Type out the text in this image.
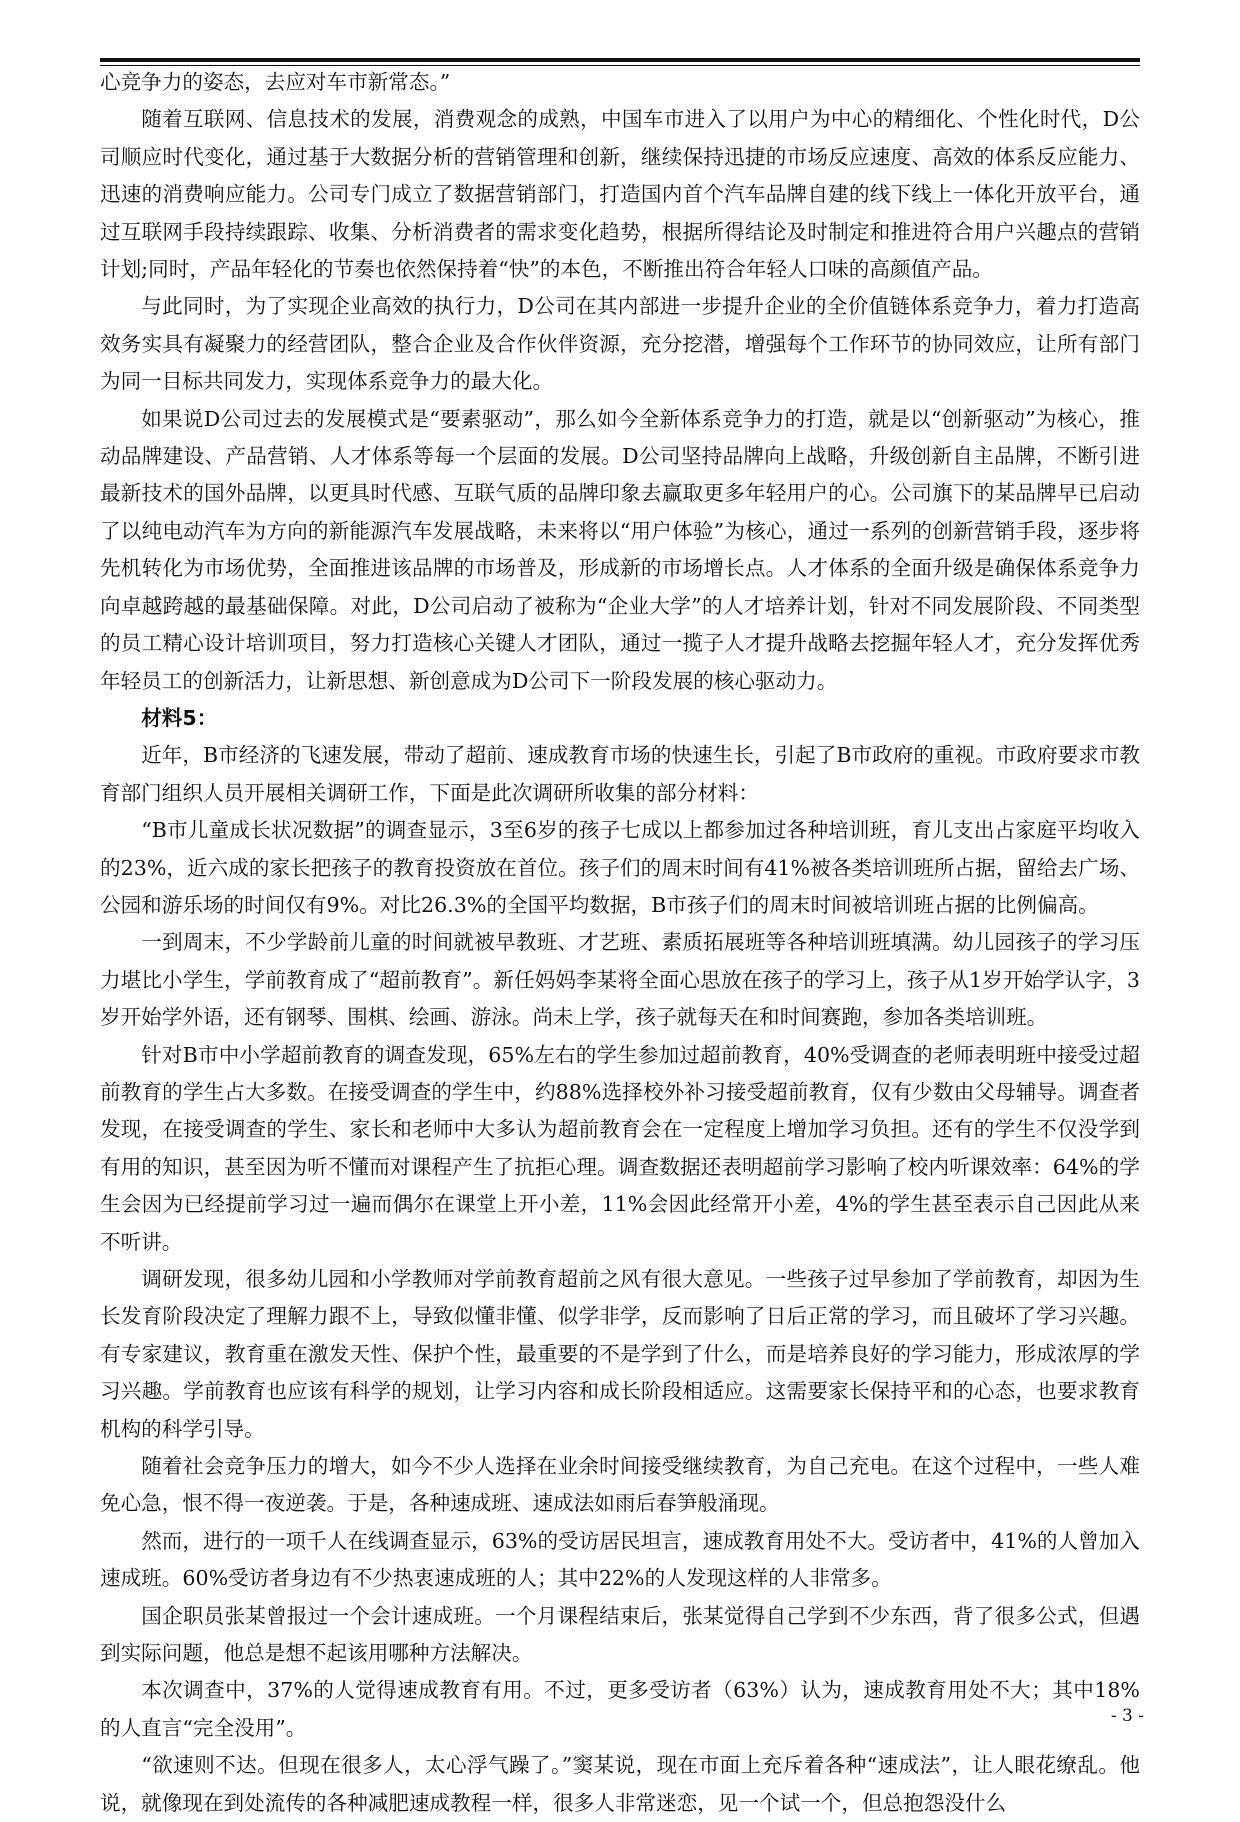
心竞争力的姿态，去应对车市新常态。”

随着互联网、信息技术的发展，消费观念的成熟，中国车市进入了以用户为中心的精细化、个性化时代，D公司顺应时代变化，通过基于大数据分析的营销管理和创新，继续保持迅捷的市场反应速度、高效的体系反应能力、迅速的消费响应能力。公司专门成立了数据营销部门，打造国内首个汽车品牌自建的线下线上一体化开放平台，通过互联网手段持续跟踪、收集、分析消费者的需求变化趋势，根据所得结论及时制定和推进符合用户兴趣点的营销计划;同时，产品年轻化的节奏也依然保持着“快”的本色，不断推出符合年轻人口味的高颜值产品。

与此同时，为了实现企业高效的执行力，D公司在其内部进一步提升企业的全价值链体系竞争力，着力打造高效务实具有凝聚力的经营团队，整合企业及合作伙伴资源，充分挖潜，增强每个工作环节的协同效应，让所有部门为同一目标共同发力，实现体系竞争力的最大化。

如果说D公司过去的发展模式是“要素驱动”，那么如今全新体系竞争力的打造，就是以“创新驱动”为核心，推动品牌建设、产品营销、人才体系等每一个层面的发展。D公司坚持品牌向上战略，升级创新自主品牌，不断引进最新技术的国外品牌，以更具时代感、互联气质的品牌印象去赢取更多年轻用户的心。公司旗下的某品牌早已启动了以纯电动汽车为方向的新能源汽车发展战略，未来将以“用户体验”为核心，通过一系列的创新营销手段，逐步将先机转化为市场优势，全面推进该品牌的市场普及，形成新的市场增长点。人才体系的全面升级是确保体系竞争力向卓越跨越的最基础保障。对此，D公司启动了被称为“企业大学”的人才培养计划，针对不同发展阶段、不同类型的员工精心设计培训项目，努力打造核心关键人才团队，通过一揽子人才提升战略去挖掘年轻人才，充分发挥优秀年轻员工的创新活力，让新思想、新创意成为D公司下一阶段发展的核心驱动力。

材料5：

近年，B市经济的飞速发展，带动了超前、速成教育市场的快速生长，引起了B市政府的重视。市政府要求市教育部门组织人员开展相关调研工作，下面是此次调研所收集的部分材料：

“B市儿童成长状况数据”的调查显示，3至6岁的孩子七成以上都参加过各种培训班，育儿支出占家庭平均收入的23%，近六成的家长把孩子的教育投资放在首位。孩子们的周末时间有41%被各类培训班所占据，留给去广场、公园和游乐场的时间仅有9%。对比26.3%的全国平均数据，B市孩子们的周末时间被培训班占据的比例偏高。

一到周末，不少学龄前儿童的时间就被早教班、才艺班、素质拓展班等各种培训班填满。幼儿园孩子的学习压力堪比小学生，学前教育成了“超前教育”。新任妈妈李某将全面心思放在孩子的学习上，孩子从1岁开始学认字，3岁开始学外语，还有钢琴、围棋、绘画、游泳。尚未上学，孩子就每天在和时间赛跑，参加各类培训班。

针对B市中小学超前教育的调查发现，65%左右的学生参加过超前教育，40%受调查的老师表明班中接受过超前教育的学生占大多数。在接受调查的学生中，约88%选择校外补习接受超前教育，仅有少数由父母辅导。调查者发现，在接受调查的学生、家长和老师中大多认为超前教育会在一定程度上增加学习负担。还有的学生不仅没学到有用的知识，甚至因为听不懂而对课程产生了抗拒心理。调查数据还表明超前学习影响了校内听课效率：64%的学生会因为已经提前学习过一遍而偶尔在课堂上开小差，11%会因此经常开小差，4%的学生甚至表示自己因此从来不听讲。

调研发现，很多幼儿园和小学教师对学前教育超前之风有很大意见。一些孩子过早参加了学前教育，却因为生长发育阶段决定了理解力跟不上，导致似懂非懂、似学非学，反而影响了日后正常的学习，而且破坏了学习兴趣。有专家建议，教育重在激发天性、保护个性，最重要的不是学到了什么，而是培养良好的学习能力，形成浓厚的学习兴趣。学前教育也应该有科学的规划，让学习内容和成长阶段相适应。这需要家长保持平和的心态，也要求教育机构的科学引导。

随着社会竞争压力的增大，如今不少人选择在业余时间接受继续教育，为自己充电。在这个过程中，一些人难免心急，恨不得一夜逆袭。于是，各种速成班、速成法如雨后春笋般涌现。

然而，进行的一项千人在线调查显示，63%的受访居民坦言，速成教育用处不大。受访者中，41%的人曾加入速成班。60%受访者身边有不少热衷速成班的人；其中22%的人发现这样的人非常多。

国企职员张某曾报过一个会计速成班。一个月课程结束后，张某觉得自己学到不少东西，背了很多公式，但遇到实际问题，他总是想不起该用哪种方法解决。

本次调查中，37%的人觉得速成教育有用。不过，更多受访者（63%）认为，速成教育用处不大；其中18%的人直言“完全没用”。

“欲速则不达。但现在很多人，太心浮气躁了。”窦某说，现在市面上充斥着各种“速成法”，让人眼花缭乱。他说，就像现在到处流传的各种减肥速成教程一样，很多人非常迷恋，见一个试一个，但总抱怨没什么

- 3 -
